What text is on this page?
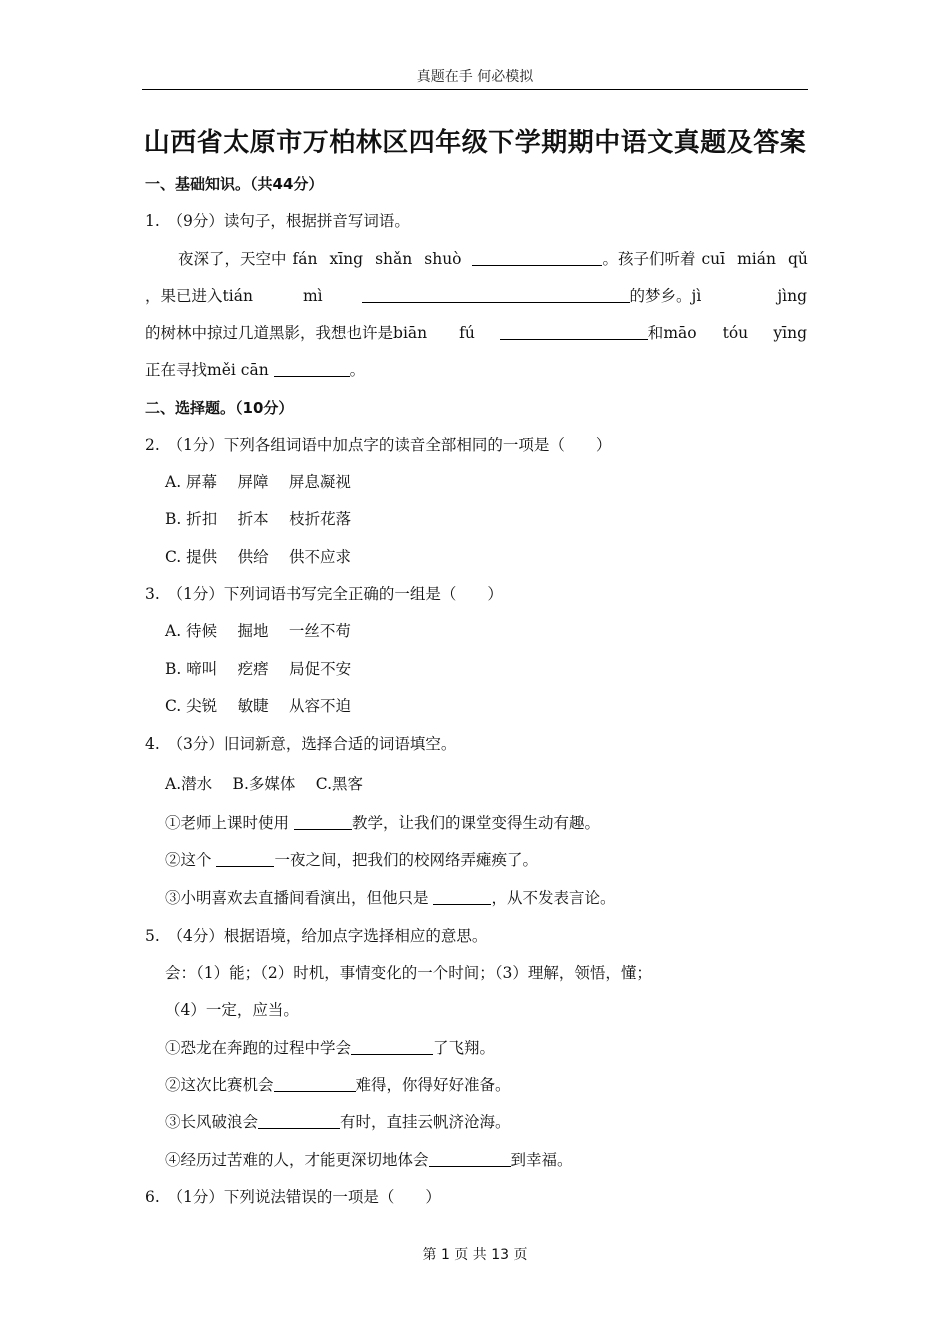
真题在手 何必模拟
山西省太原市万柏林区四年级下学期期中语文真题及答案
一、基础知识。（共44分）
1.　（9分）读句子，根据拼音写词语。
夜深了，天空中 fán xīng shǎn shuò	。孩子们听着 cuī mián qǔ
，果已进入tián	mì	的梦乡。jì	jìng
的树林中掠过几道黑影，我想也许是biān fú	和māo tóu yīng
正在寻找měi cān	。
二、选择题。（10分）
2.　（1分）下列各组词语中加点字的读音全部相同的一项是（　　）
A. 屏幕　 屏障　 屏息凝视
B. 折扣　 折本　 枝折花落
C. 提供　 供给　 供不应求
3.　（1分）下列词语书写完全正确的一组是（　　）
A. 待候　 掘地　 一丝不苟
B. 啼叫　 疙瘩　 局促不安
C. 尖锐　 敏睫　 从容不迫
4.　（3分）旧词新意，选择合适的词语填空。
A.潜水　 B.多媒体　 C.黑客
①老师上课时使用	教学，让我们的课堂变得生动有趣。
②这个	一夜之间，把我们的校网络弄瘫痪了。
③小明喜欢去直播间看演出，但他只是	，从不发表言论。
5.　（4分）根据语境，给加点字选择相应的意思。
会：（1）能；（2）时机，事情变化的一个时间；（3）理解，领悟，懂；
（4）一定，应当。
①恐龙在奔跑的过程中学会	了飞翔。
②这次比赛机会	难得，你得好好准备。
③长风破浪会	有时，直挂云帆济沧海。
④经历过苦难的人，才能更深切地体会	到幸福。
6.　（1分）下列说法错误的一项是（　　）
第 1 页 共 13 页
